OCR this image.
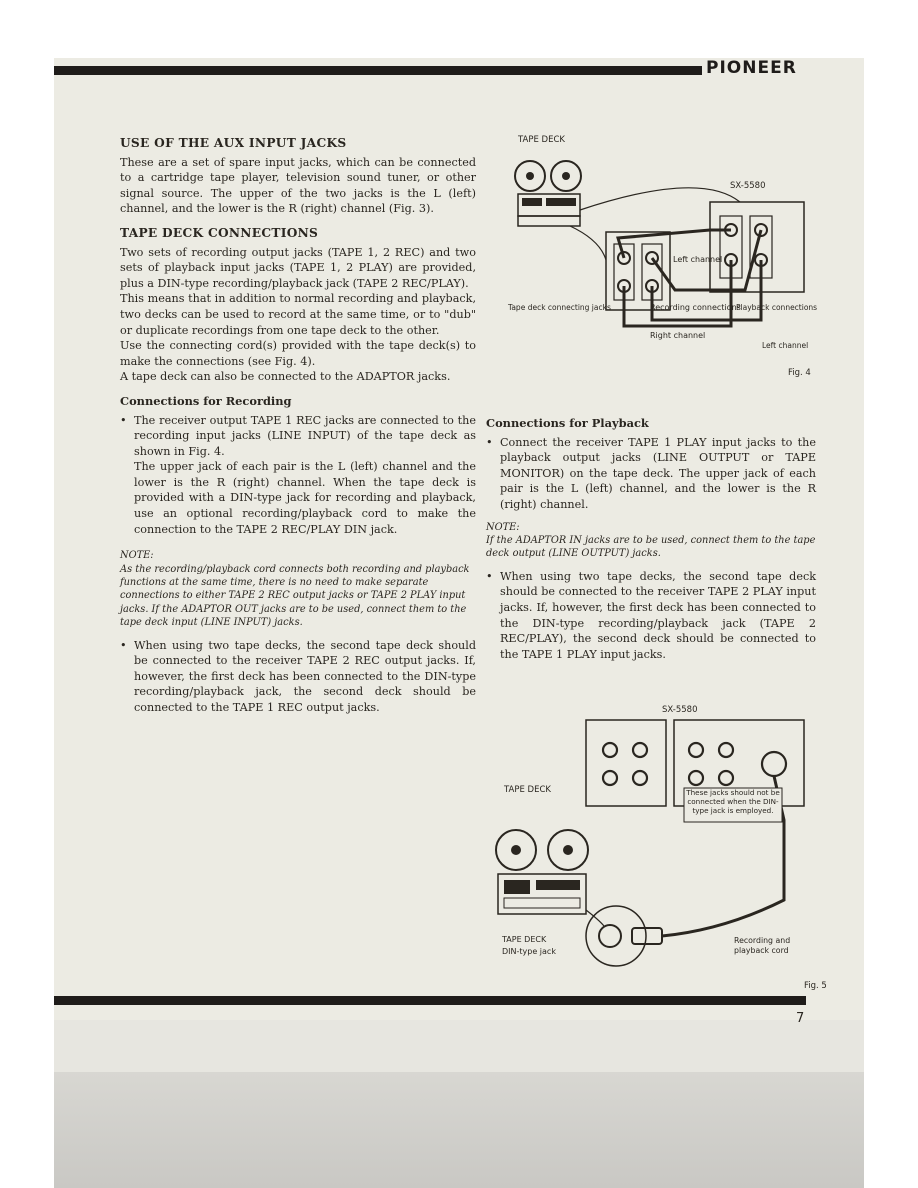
PIONEER
USE OF THE AUX INPUT JACKS

These are a set of spare input jacks, which can be connected to a cartridge tape player, television sound tuner, or other signal source. The upper of the two jacks is the L (left) channel, and the lower is the R (right) channel (Fig. 3).

TAPE DECK CONNECTIONS

Two sets of recording output jacks (TAPE 1, 2 REC) and two sets of playback input jacks (TAPE 1, 2 PLAY) are provided, plus a DIN-type recording/playback jack (TAPE 2 REC/PLAY).

This means that in addition to normal recording and playback, two decks can be used to record at the same time, or to "dub" or duplicate recordings from one tape deck to the other.

Use the connecting cord(s) provided with the tape deck(s) to make the connections (see Fig. 4).

A tape deck can also be connected to the ADAPTOR jacks.

Connections for Recording
• The receiver output TAPE 1 REC jacks are connected to the recording input jacks (LINE INPUT) of the tape deck as shown in Fig. 4.

The upper jack of each pair is the L (left) channel and the lower is the R (right) channel. When the tape deck is provided with a DIN-type jack for recording and playback, use an optional recording/playback cord to make the connection to the TAPE 2 REC/PLAY DIN jack.

NOTE:
As the recording/playback cord connects both recording and playback functions at the same time, there is no need to make separate connections to either TAPE 2 REC output jacks or TAPE 2 PLAY input jacks. If the ADAPTOR OUT jacks are to be used, connect them to the tape deck input (LINE INPUT) jacks.
• When using two tape decks, the second tape deck should be connected to the receiver TAPE 2 REC output jacks. If, however, the first deck has been connected to the DIN-type recording/playback jack, the second deck should be connected to the TAPE 1 REC output jacks.

TAPE DECK
SX-5580
Left channel
Recording connections
Right channel
Tape deck connecting jacks	Playback connections
Left channel
Fig. 4
Connections for Playback
• Connect the receiver TAPE 1 PLAY input jacks to the playback output jacks (LINE OUTPUT or TAPE MONITOR) on the tape deck. The upper jack of each pair is the L (left) channel, and the lower is the R (right) channel.

NOTE:
If the ADAPTOR IN jacks are to be used, connect them to the tape deck output (LINE OUTPUT) jacks.
• When using two tape decks, the second tape deck should be connected to the receiver TAPE 2 PLAY input jacks. If, however, the first deck has been connected to the DIN-type recording/playback jack (TAPE 2 REC/PLAY), the second deck should be connected to the TAPE 1 PLAY input jacks.

SX-5580
TAPE DECK	These jacks should not be connected when the DIN-type jack is employed.
TAPE DECK
DIN-type jack
Recording and playback cord
Fig. 5
7
